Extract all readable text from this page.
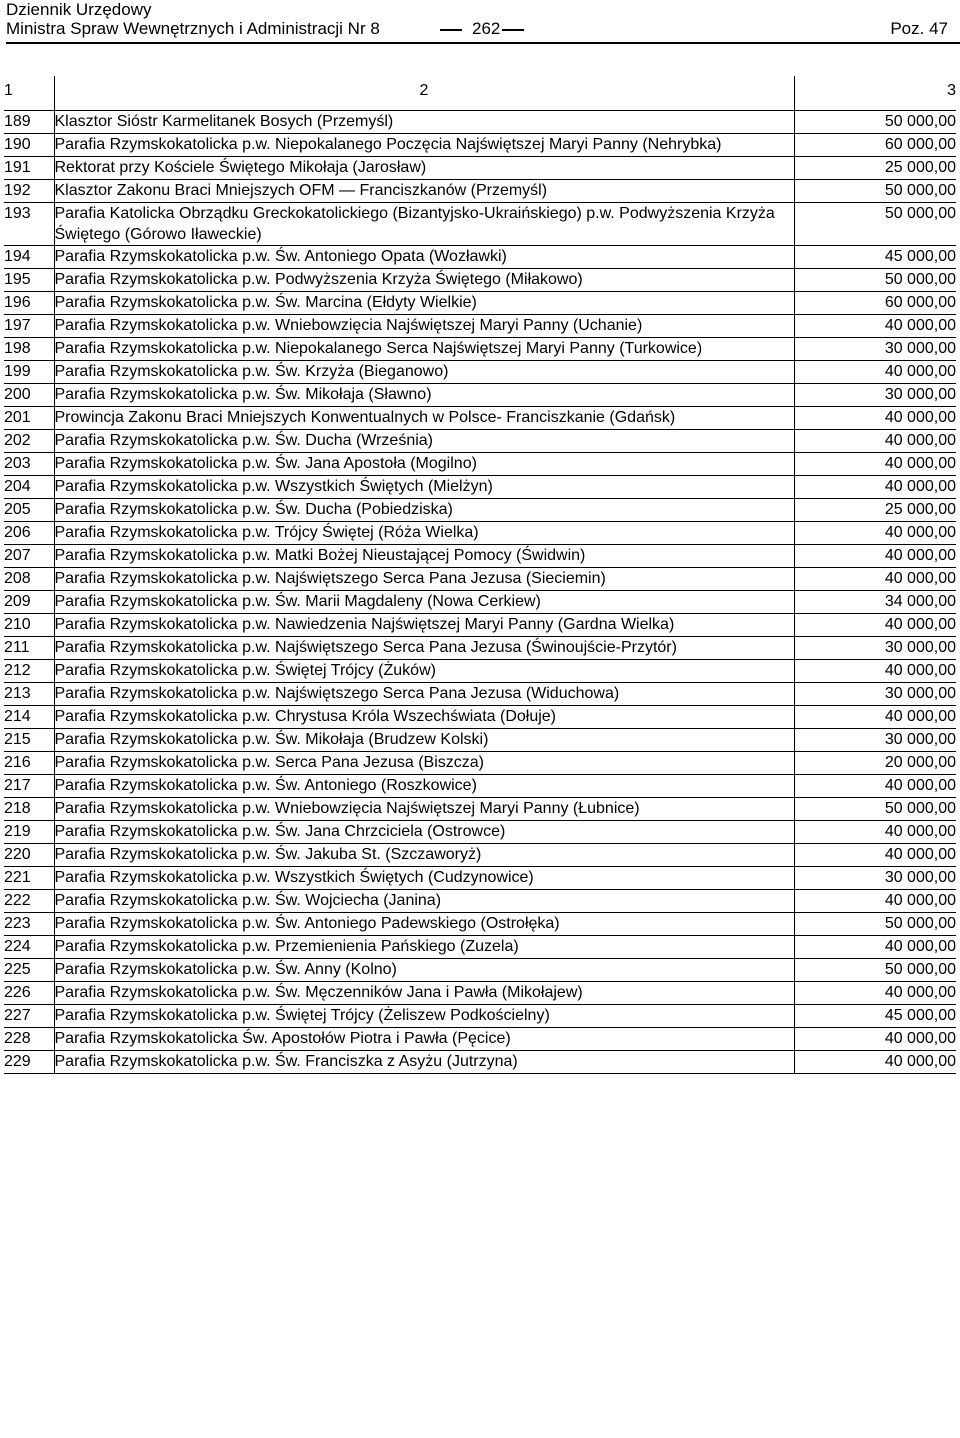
Dziennik Urzędowy
Ministra Spraw Wewnętrznych i Administracji Nr 8	262	Poz. 47
1	2	3
189	Klasztor Sióstr Karmelitanek Bosych (Przemyśl)	50 000,00
190	Parafia Rzymskokatolicka p.w. Niepokalanego Poczęcia Najświętszej Maryi Panny (Nehrybka)	60 000,00
191	Rektorat przy Kościele Świętego Mikołaja (Jarosław)	25 000,00
192	Klasztor Zakonu Braci Mniejszych OFM — Franciszkanów (Przemyśl)	50 000,00
193	Parafia Katolicka Obrządku Greckokatolickiego (Bizantyjsko-Ukraińskiego) p.w. Podwyższenia Krzyża Świętego (Górowo Iławeckie)	50 000,00
194	Parafia Rzymskokatolicka p.w. Św. Antoniego Opata (Wozławki)	45 000,00
195	Parafia Rzymskokatolicka p.w. Podwyższenia Krzyża Świętego (Miłakowo)	50 000,00
196	Parafia Rzymskokatolicka p.w. Św. Marcina (Ełdyty Wielkie)	60 000,00
197	Parafia Rzymskokatolicka p.w. Wniebowzięcia Najświętszej Maryi Panny (Uchanie)	40 000,00
198	Parafia Rzymskokatolicka p.w. Niepokalanego Serca Najświętszej Maryi Panny (Turkowice)	30 000,00
199	Parafia Rzymskokatolicka p.w. Św. Krzyża (Bieganowo)	40 000,00
200	Parafia Rzymskokatolicka p.w. Św. Mikołaja (Sławno)	30 000,00
201	Prowincja Zakonu Braci Mniejszych Konwentualnych w Polsce- Franciszkanie (Gdańsk)	40 000,00
202	Parafia Rzymskokatolicka p.w. Św. Ducha (Września)	40 000,00
203	Parafia Rzymskokatolicka p.w. Św. Jana Apostoła (Mogilno)	40 000,00
204	Parafia Rzymskokatolicka p.w. Wszystkich Świętych (Mielżyn)	40 000,00
205	Parafia Rzymskokatolicka p.w. Św. Ducha (Pobiedziska)	25 000,00
206	Parafia Rzymskokatolicka p.w. Trójcy Świętej (Róża Wielka)	40 000,00
207	Parafia Rzymskokatolicka p.w. Matki Bożej Nieustającej Pomocy (Świdwin)	40 000,00
208	Parafia Rzymskokatolicka p.w. Najświętszego Serca Pana Jezusa (Sieciemin)	40 000,00
209	Parafia Rzymskokatolicka p.w. Św. Marii Magdaleny (Nowa Cerkiew)	34 000,00
210	Parafia Rzymskokatolicka p.w. Nawiedzenia Najświętszej Maryi Panny (Gardna Wielka)	40 000,00
211	Parafia Rzymskokatolicka p.w. Najświętszego Serca Pana Jezusa (Świnoujście-Przytór)	30 000,00
212	Parafia Rzymskokatolicka p.w. Świętej Trójcy (Żuków)	40 000,00
213	Parafia Rzymskokatolicka p.w. Najświętszego Serca Pana Jezusa (Widuchowa)	30 000,00
214	Parafia Rzymskokatolicka p.w. Chrystusa Króla Wszechświata (Dołuje)	40 000,00
215	Parafia Rzymskokatolicka p.w. Św. Mikołaja (Brudzew Kolski)	30 000,00
216	Parafia Rzymskokatolicka p.w. Serca Pana Jezusa (Biszcza)	20 000,00
217	Parafia Rzymskokatolicka p.w. Św. Antoniego (Roszkowice)	40 000,00
218	Parafia Rzymskokatolicka p.w. Wniebowzięcia Najświętszej Maryi Panny (Łubnice)	50 000,00
219	Parafia Rzymskokatolicka p.w. Św. Jana Chrzciciela (Ostrowce)	40 000,00
220	Parafia Rzymskokatolicka p.w. Św. Jakuba St. (Szczaworyż)	40 000,00
221	Parafia Rzymskokatolicka p.w. Wszystkich Świętych (Cudzynowice)	30 000,00
222	Parafia Rzymskokatolicka p.w. Św. Wojciecha (Janina)	40 000,00
223	Parafia Rzymskokatolicka p.w. Św. Antoniego Padewskiego (Ostrołęka)	50 000,00
224	Parafia Rzymskokatolicka p.w. Przemienienia Pańskiego (Zuzela)	40 000,00
225	Parafia Rzymskokatolicka p.w. Św. Anny (Kolno)	50 000,00
226	Parafia Rzymskokatolicka p.w. Św. Męczenników Jana i Pawła (Mikołajew)	40 000,00
227	Parafia Rzymskokatolicka p.w. Świętej Trójcy (Żeliszew Podkościelny)	45 000,00
228	Parafia Rzymskokatolicka Św. Apostołów Piotra i Pawła (Pęcice)	40 000,00
229	Parafia Rzymskokatolicka p.w. Św. Franciszka z Asyżu (Jutrzyna)	40 000,00
